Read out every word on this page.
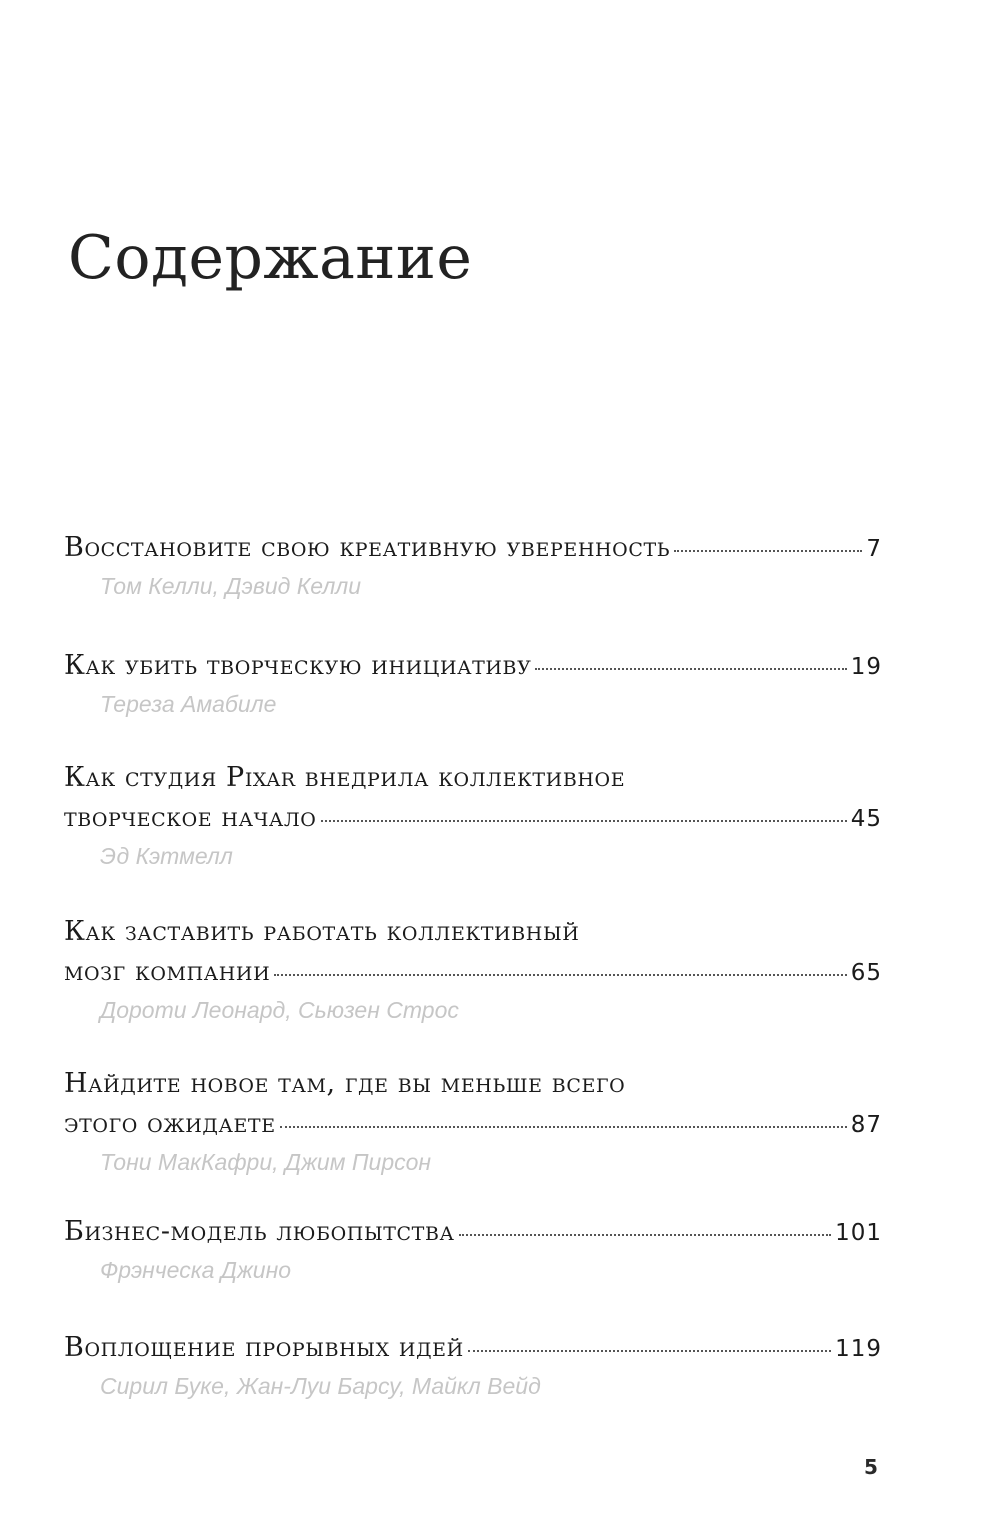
Содержание
Восстановите свою креативную уверенность	7
Том Келли, Дэвид Келли
Как убить творческую инициативу	19
Тереза Амабиле
Как студия Pixar внедрила коллективное
творческое начало	45
Эд Кэтмелл
Как заставить работать коллективный
мозг компании	65
Дороти Леонард, Сьюзен Строс
Найдите новое там, где вы меньше всего
этого ожидаете	87
Тони МакКафри, Джим Пирсон
Бизнес-модель любопытства	101
Фрэнческа Джино
Воплощение прорывных идей	119
Сирил Буке, Жан-Луи Барсу, Майкл Вейд
5
